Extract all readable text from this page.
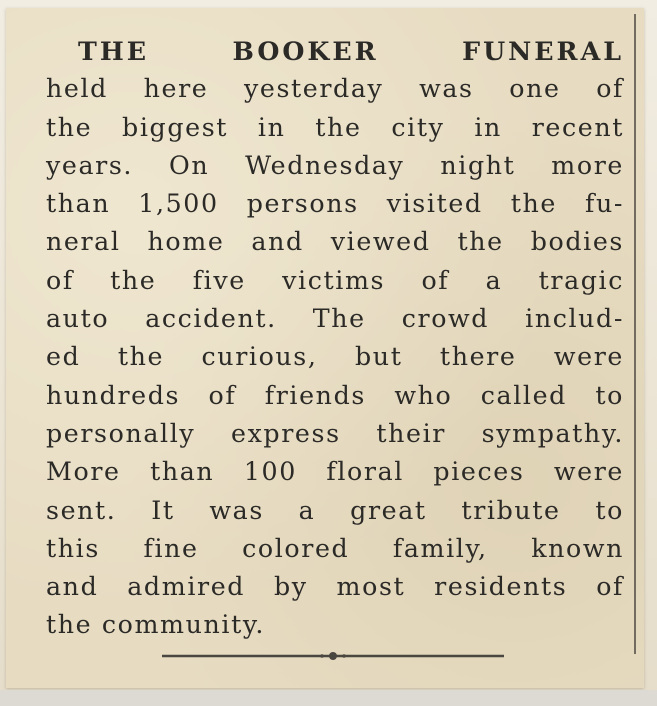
THE BOOKER FUNERAL
held here yesterday was one of
the biggest in the city in recent
years. On Wednesday night more
than 1,500 persons visited the fu-
neral home and viewed the bodies
of the five victims of a tragic
auto accident. The crowd includ-
ed the curious, but there were
hundreds of friends who called to
personally express their sympathy.
More than 100 floral pieces were
sent. It was a great tribute to
this fine colored family, known
and admired by most residents of
the community.
